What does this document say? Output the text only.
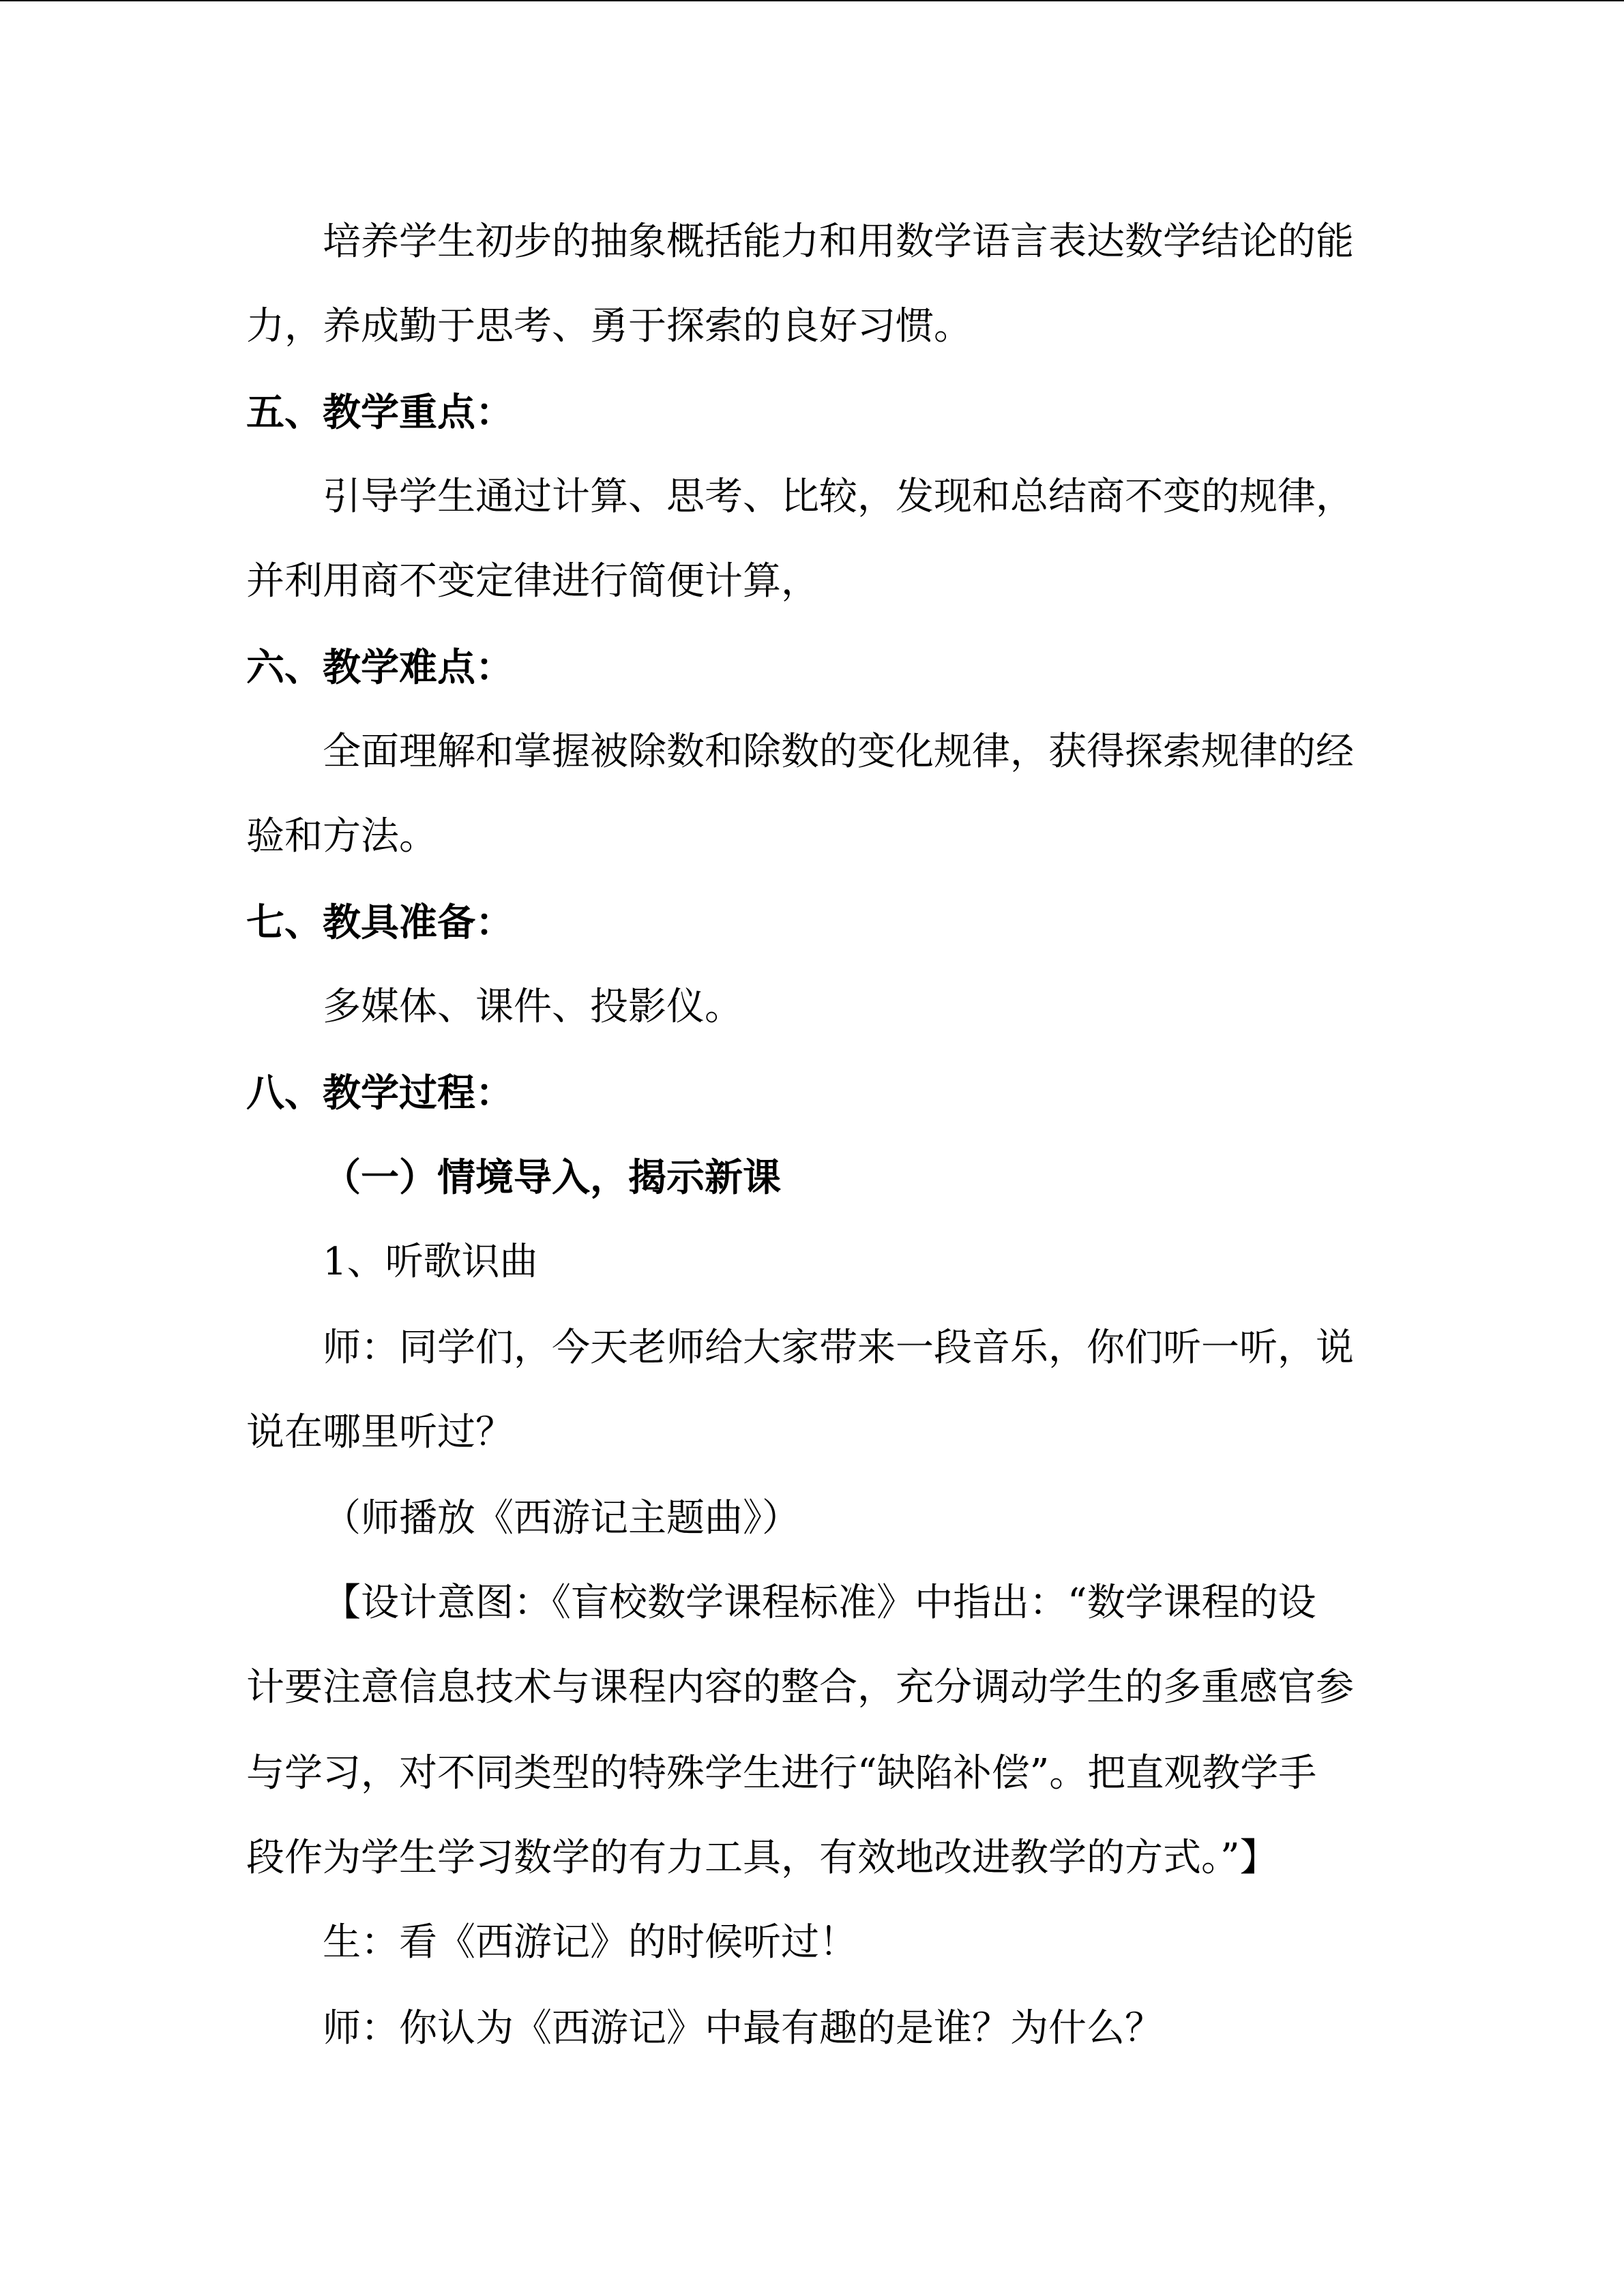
培养学生初步的抽象概括能力和用数学语言表达数学结论的能
力，养成勤于思考、勇于探索的良好习惯。
五、教学重点：
引导学生通过计算、思考、比较，发现和总结商不变的规律，
并利用商不变定律进行简便计算，
六、教学难点：
全面理解和掌握被除数和除数的变化规律，获得探索规律的经
验和方法。
七、教具准备：
多媒体、课件、投影仪。
八、教学过程：
（一）情境导入，揭示新课
1、听歌识曲
师：同学们，今天老师给大家带来一段音乐，你们听一听，说
说在哪里听过？
（师播放《西游记主题曲》）
【设计意图：《盲校数学课程标准》中指出：“数学课程的设
计要注意信息技术与课程内容的整合，充分调动学生的多重感官参
与学习，对不同类型的特殊学生进行“缺陷补偿”。把直观教学手
段作为学生学习数学的有力工具，有效地改进教学的方式。”】
生：看《西游记》的时候听过！
师：你认为《西游记》中最有趣的是谁？为什么？
